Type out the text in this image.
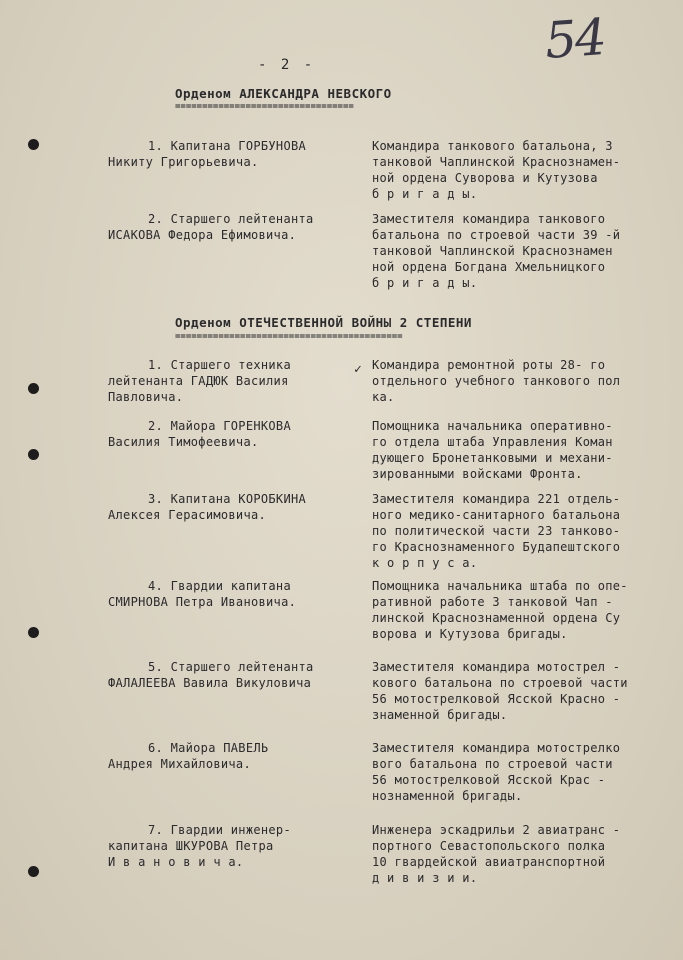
54
- 2 -
Орденом АЛЕКСАНДРА НЕВСКОГО
=================================
1. Капитана ГОРБУНОВА
Никиту Григорьевича.
Командира танкового батальона, 3
танковой Чаплинской Краснознамен-
ной ордена Суворова и Кутузова
б р и г а д ы.
2. Старшего лейтенанта
ИСАКОВА Федора Ефимовича.
Заместителя командира танкового
батальона по строевой части 39 -й
танковой Чаплинской Краснознамен
ной ордена Богдана Хмельницкого
б р и г а д ы.
Орденом ОТЕЧЕСТВЕННОЙ ВОЙНЫ 2 СТЕПЕНИ
==========================================
✓
1. Старшего техника
лейтенанта ГАДЮК Василия
Павловича.
Командира ремонтной роты 28- го
отдельного учебного танкового пол
ка.
2. Майора ГОРЕНКОВА
Василия Тимофеевича.
Помощника начальника оперативно-
го отдела штаба Управления Коман
дующего Бронетанковыми и механи-
зированными войсками Фронта.
3. Капитана КОРОБКИНА
Алексея Герасимовича.
Заместителя командира 221 отдель-
ного медико-санитарного батальона
по политической части 23 танково-
го Краснознаменного Будапештского
к о р п у с а.
4. Гвардии капитана
СМИРНОВА Петра Ивановича.
Помощника начальника штаба по опе-
ративной работе 3 танковой Чап -
линской Краснознаменной ордена Су
ворова и Кутузова бригады.
5. Старшего лейтенанта
ФАЛАЛЕЕВА Вавила Викуловича
Заместителя командира мотострел -
кового батальона по строевой части
56 мотострелковой Ясской Красно -
знаменной бригады.
6. Майора ПАВЕЛЬ
Андрея Михайловича.
Заместителя командира мотострелко
вого батальона по строевой части
56 мотострелковой Ясской Крас -
нознаменной бригады.
7. Гвардии инженер-
капитана ШКУРОВА Петра
И в а н о в и ч а.
Инженера эскадрильи 2 авиатранс -
портного Севастопольского полка
10 гвардейской авиатранспортной
д и в и з и и.
